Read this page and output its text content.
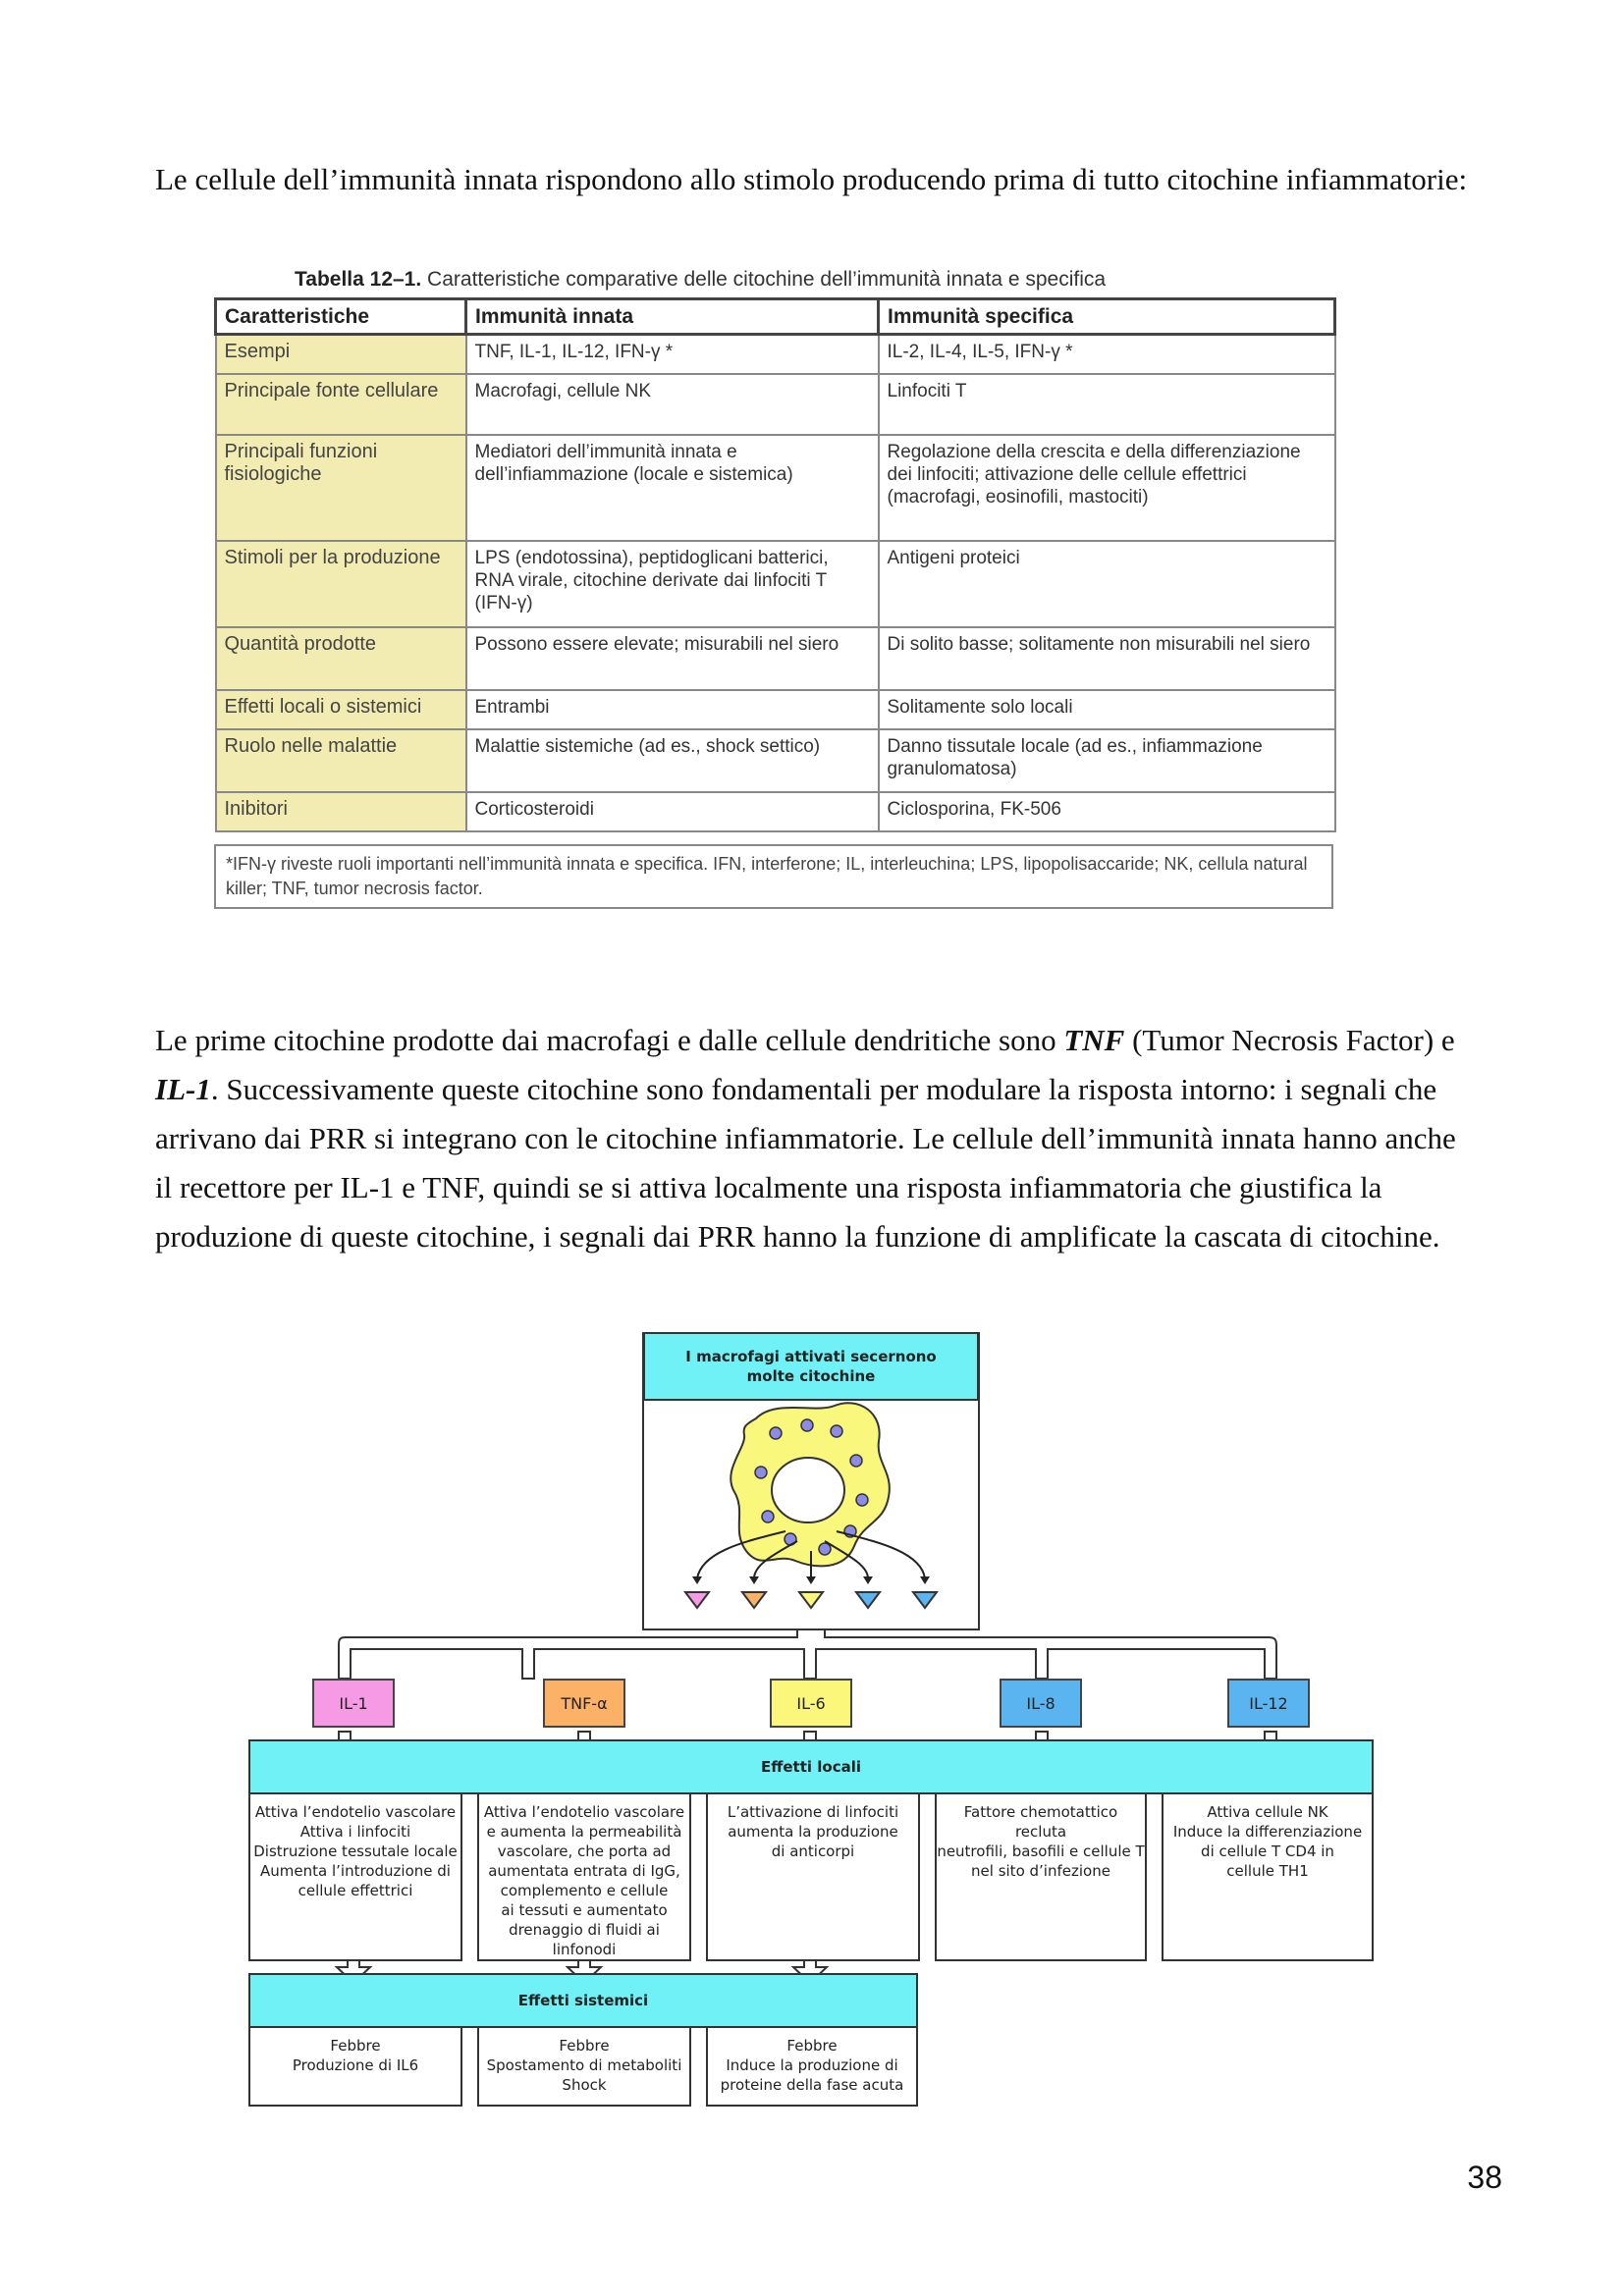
Le cellule dell’immunità innata rispondono allo stimolo producendo prima di tutto citochine infiammatorie:
Tabella 12–1. Caratteristiche comparative delle citochine dell’immunità innata e specifica
Caratteristiche	Immunità innata	Immunità specifica
Esempi	TNF, IL-1, IL-12, IFN-γ *	IL-2, IL-4, IL-5, IFN-γ *
Principale fonte cellulare	Macrofagi, cellule NK	Linfociti T
Principali funzioni fisiologiche	Mediatori dell’immunità innata e dell’infiammazione (locale e sistemica)	Regolazione della crescita e della differenziazione dei linfociti; attivazione delle cellule effettrici (macrofagi, eosinofili, mastociti)
Stimoli per la produzione	LPS (endotossina), peptidoglicani batterici, RNA virale, citochine derivate dai linfociti T (IFN-γ)	Antigeni proteici
Quantità prodotte	Possono essere elevate; misurabili nel siero	Di solito basse; solitamente non misurabili nel siero
Effetti locali o sistemici	Entrambi	Solitamente solo locali
Ruolo nelle malattie	Malattie sistemiche (ad es., shock settico)	Danno tissutale locale (ad es., infiammazione granulomatosa)
Inibitori	Corticosteroidi	Ciclosporina, FK-506
*IFN-γ riveste ruoli importanti nell’immunità innata e specifica. IFN, interferone; IL, interleuchina; LPS, lipopolisaccaride; NK, cellula natural killer; TNF, tumor necrosis factor.
Le prime citochine prodotte dai macrofagi e dalle cellule dendritiche sono TNF (Tumor Necrosis Factor) e IL-1. Successivamente queste citochine sono fondamentali per modulare la risposta intorno: i segnali che arrivano dai PRR si integrano con le citochine infiammatorie. Le cellule dell’immunità innata hanno anche il recettore per IL-1 e TNF, quindi se si attiva localmente una risposta infiammatoria che giustifica la produzione di queste citochine, i segnali dai PRR hanno la funzione di amplificate la cascata di citochine.
I macrofagi attivati secernono
molte citochine
IL-1	TNF-α	IL-6	IL-8	IL-12
Effetti locali
Attiva l’endotelio vascolare
Attiva i linfociti
Distruzione tessutale locale
Aumenta l’introduzione di
cellule effettrici
Attiva l’endotelio vascolare
e aumenta la permeabilità
vascolare, che porta ad
aumentata entrata di IgG,
complemento e cellule
ai tessuti e aumentato
drenaggio di fluidi ai linfonodi
L’attivazione di linfociti
aumenta la produzione
di anticorpi
Fattore chemotattico recluta
neutrofili, basofili e cellule T
nel sito d’infezione
Attiva cellule NK
Induce la differenziazione
di cellule T CD4 in
cellule TH1
Effetti sistemici
Febbre
Produzione di IL6
Febbre
Spostamento di metaboliti
Shock
Febbre
Induce la produzione di
proteine della fase acuta
38
